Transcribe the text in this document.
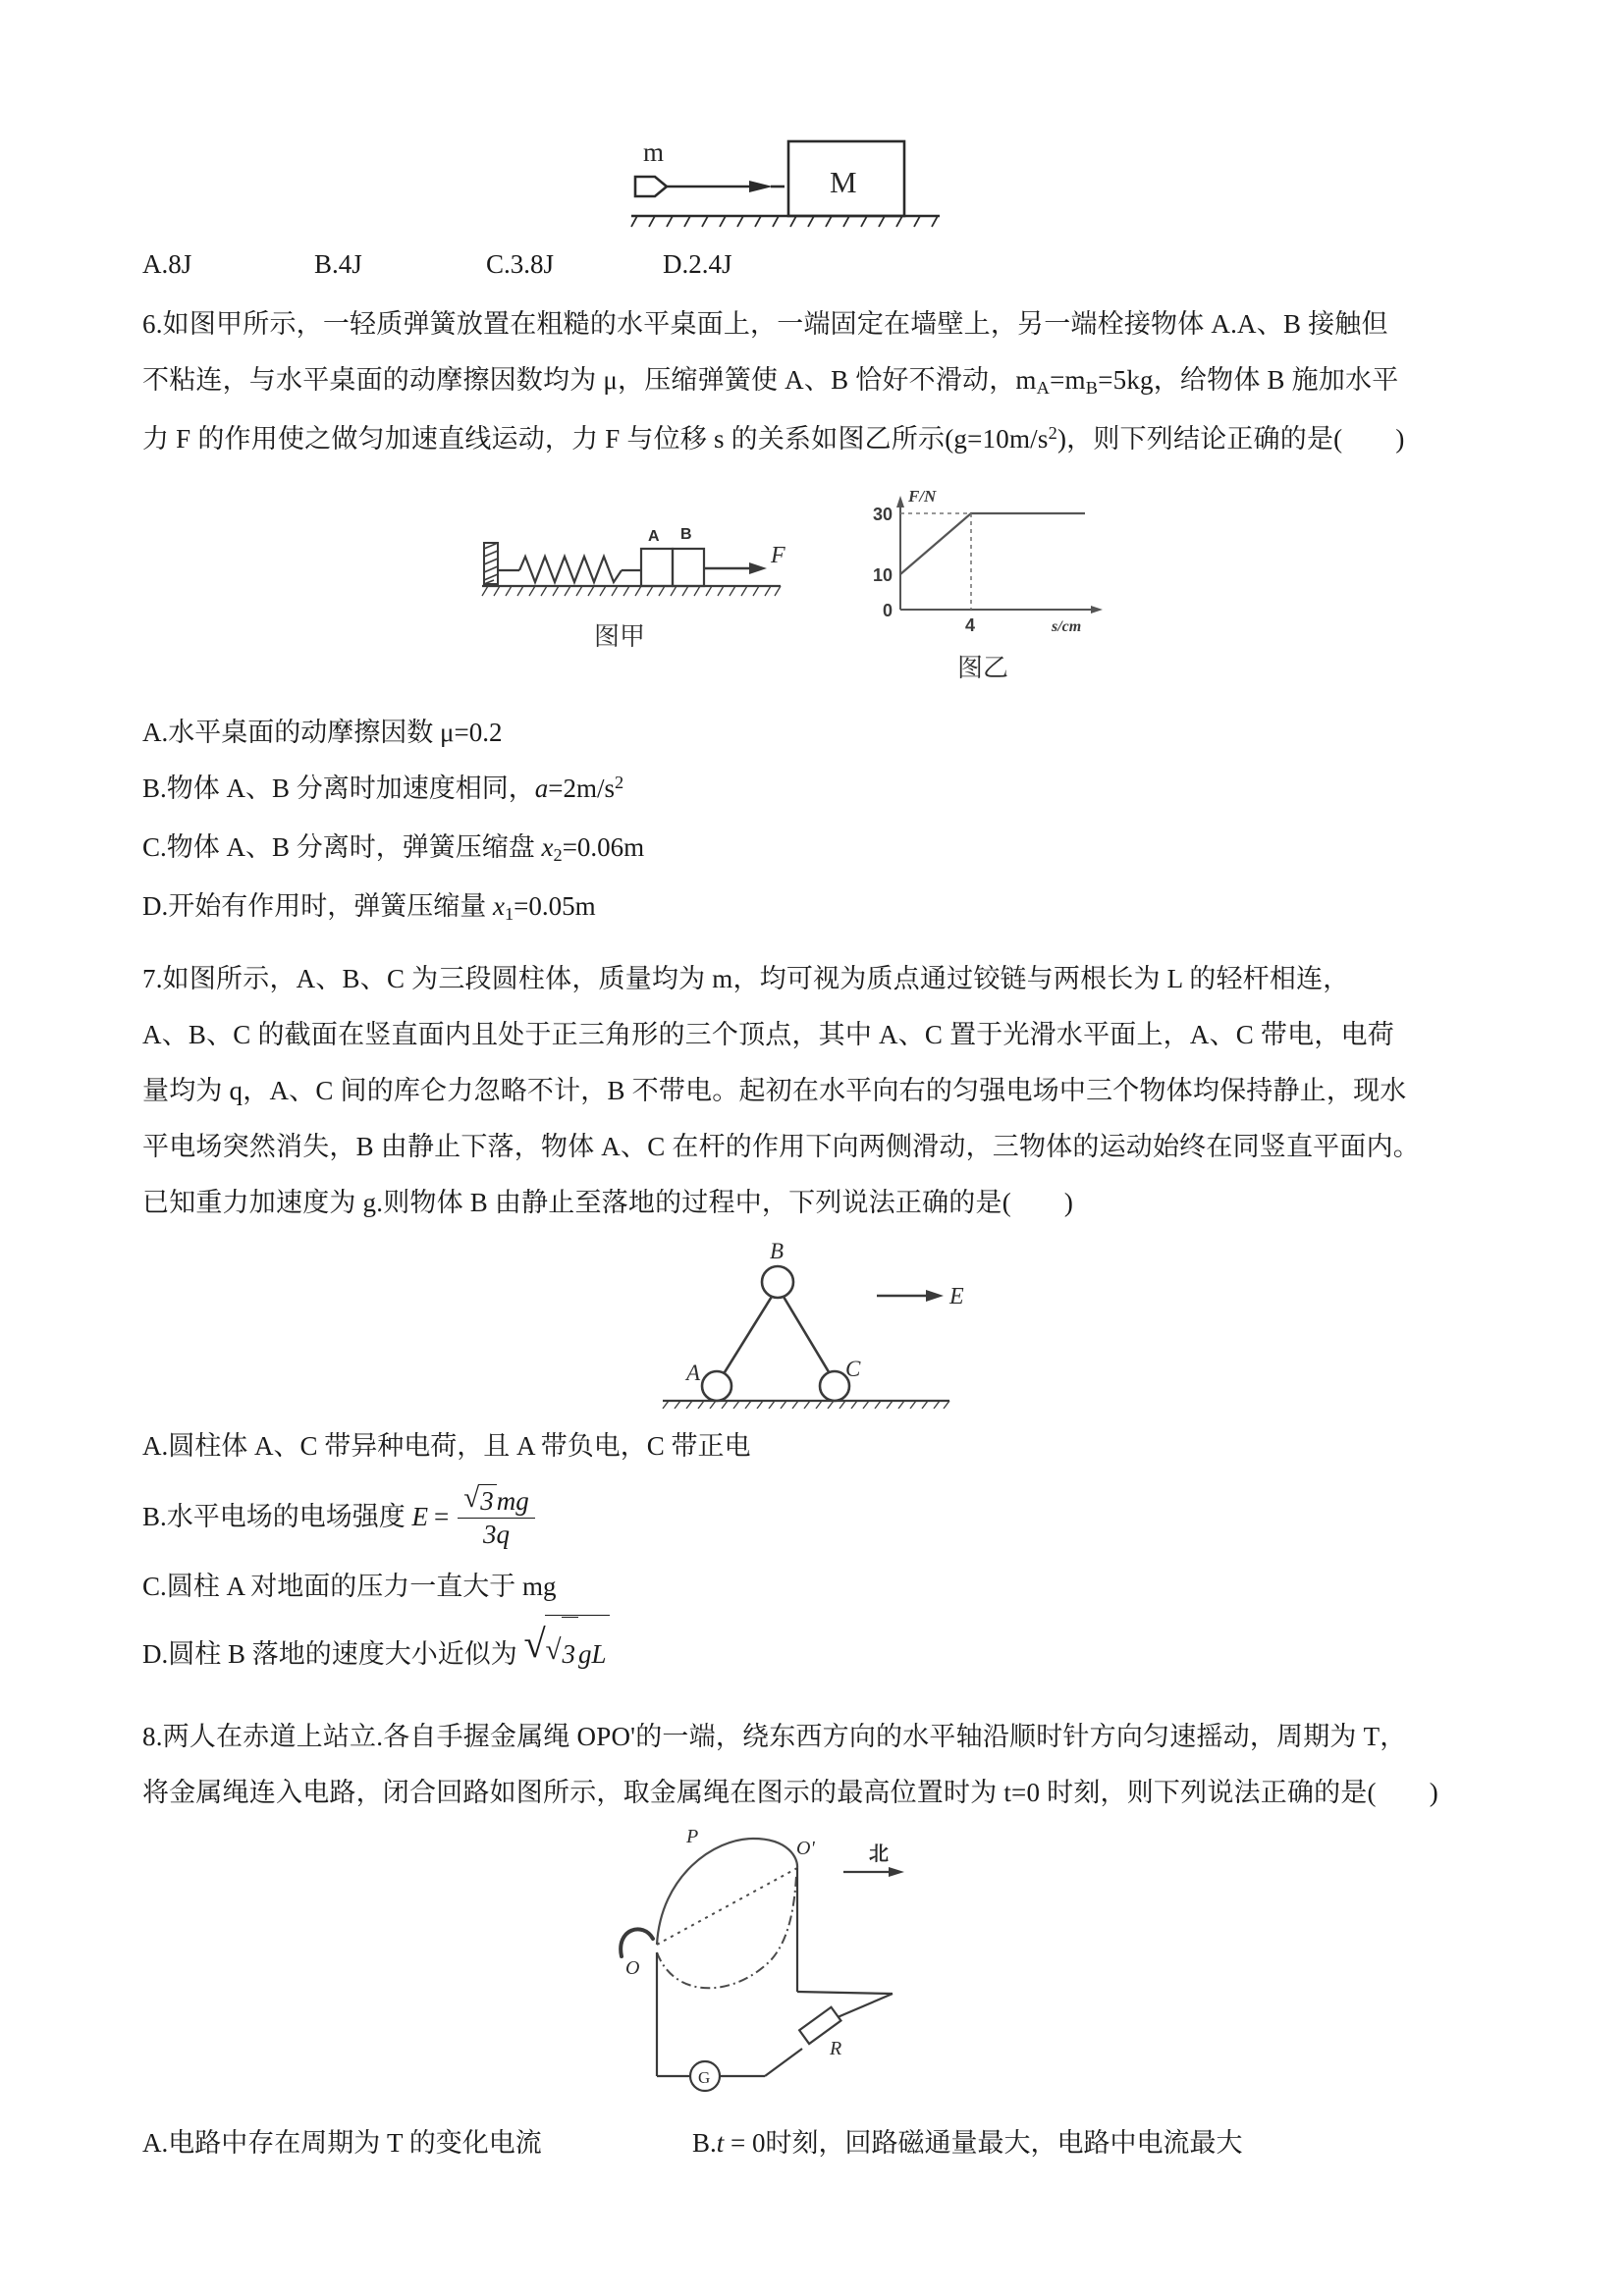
m
M
A.8J	B.4J	C.3.8J	D.2.4J
6.如图甲所示，一轻质弹簧放置在粗糙的水平桌面上，一端固定在墙壁上，另一端栓接物体 A.A、B 接触但
不粘连，与水平桌面的动摩擦因数均为 μ，压缩弹簧使 A、B 恰好不滑动，$m_A=m_B=5kg$，给物体 B 施加水平
力 F 的作用使之做匀加速直线运动，力 F 与位移 s 的关系如图乙所示$(g=10m/s^2)$，则下列结论正确的是( )
A B
F
图甲
F/N
s/cm
30
10
0
4
图乙
A.水平桌面的动摩擦因数 μ=0.2
B.物体 A、B 分离时加速度相同，$a=2m/s^2$
C.物体 A、B 分离时，弹簧压缩盘 $x_2=0.06m$
D.开始有作用时，弹簧压缩量 $x_1=0.05m$
7.如图所示，A、B、C 为三段圆柱体，质量均为 m，均可视为质点通过铰链与两根长为 L 的轻杆相连，
A、B、C 的截面在竖直面内且处于正三角形的三个顶点，其中 A、C 置于光滑水平面上，A、C 带电，电荷
量均为 q，A、C 间的库仑力忽略不计，B 不带电。起初在水平向右的匀强电场中三个物体均保持静止，现水
平电场突然消失，B 由静止下落，物体 A、C 在杆的作用下向两侧滑动，三物体的运动始终在同竖直平面内。
已知重力加速度为 g.则物体 B 由静止至落地的过程中，下列说法正确的是( )
B
A	C
E
A.圆柱体 A、C 带异种电荷，且 A 带负电，C 带正电
B.水平电场的电场强度 E = √ $\frac{3 mg}{3q}$
C.圆柱 A 对地面的压力一直大于 mg
D.圆柱 B 落地的速度大小近似为 √ √ 3 gL
8.两人在赤道上站立.各自手握金属绳 OPO'的一端，绕东西方向的水平轴沿顺时针方向匀速摇动，周期为 T，
将金属绳连入电路，闭合回路如图所示，取金属绳在图示的最高位置时为 t=0 时刻，则下列说法正确的是( )
O
P
O'	北
G
R
A.电路中存在周期为 T 的变化电流	B.t = 0时刻，回路磁通量最大，电路中电流最大
